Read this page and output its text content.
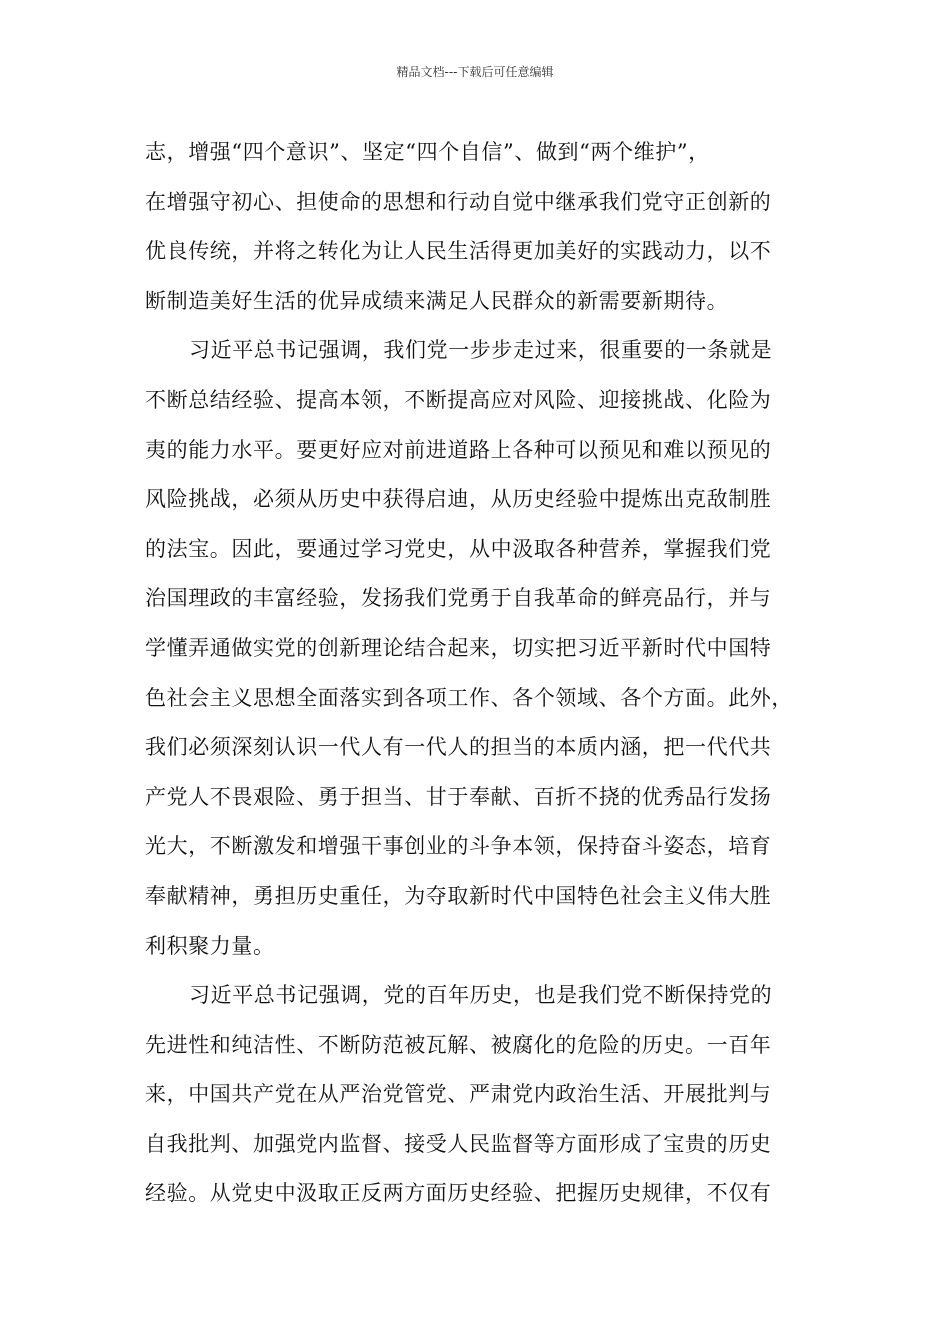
精品文档---下载后可任意编辑
志，增强“四个意识”、坚定“四个自信”、做到“两个维护”，
在增强守初心、担使命的思想和行动自觉中继承我们党守正创新的
优良传统，并将之转化为让人民生活得更加美好的实践动力，以不
断制造美好生活的优异成绩来满足人民群众的新需要新期待。
习近平总书记强调，我们党一步步走过来，很重要的一条就是
不断总结经验、提高本领，不断提高应对风险、迎接挑战、化险为
夷的能力水平。要更好应对前进道路上各种可以预见和难以预见的
风险挑战，必须从历史中获得启迪，从历史经验中提炼出克敌制胜
的法宝。因此，要通过学习党史，从中汲取各种营养，掌握我们党
治国理政的丰富经验，发扬我们党勇于自我革命的鲜亮品行，并与
学懂弄通做实党的创新理论结合起来，切实把习近平新时代中国特
色社会主义思想全面落实到各项工作、各个领域、各个方面。此外，
我们必须深刻认识一代人有一代人的担当的本质内涵，把一代代共
产党人不畏艰险、勇于担当、甘于奉献、百折不挠的优秀品行发扬
光大，不断激发和增强干事创业的斗争本领，保持奋斗姿态，培育
奉献精神，勇担历史重任，为夺取新时代中国特色社会主义伟大胜
利积聚力量。
习近平总书记强调，党的百年历史，也是我们党不断保持党的
先进性和纯洁性、不断防范被瓦解、被腐化的危险的历史。一百年
来，中国共产党在从严治党管党、严肃党内政治生活、开展批判与
自我批判、加强党内监督、接受人民监督等方面形成了宝贵的历史
经验。从党史中汲取正反两方面历史经验、把握历史规律，不仅有
